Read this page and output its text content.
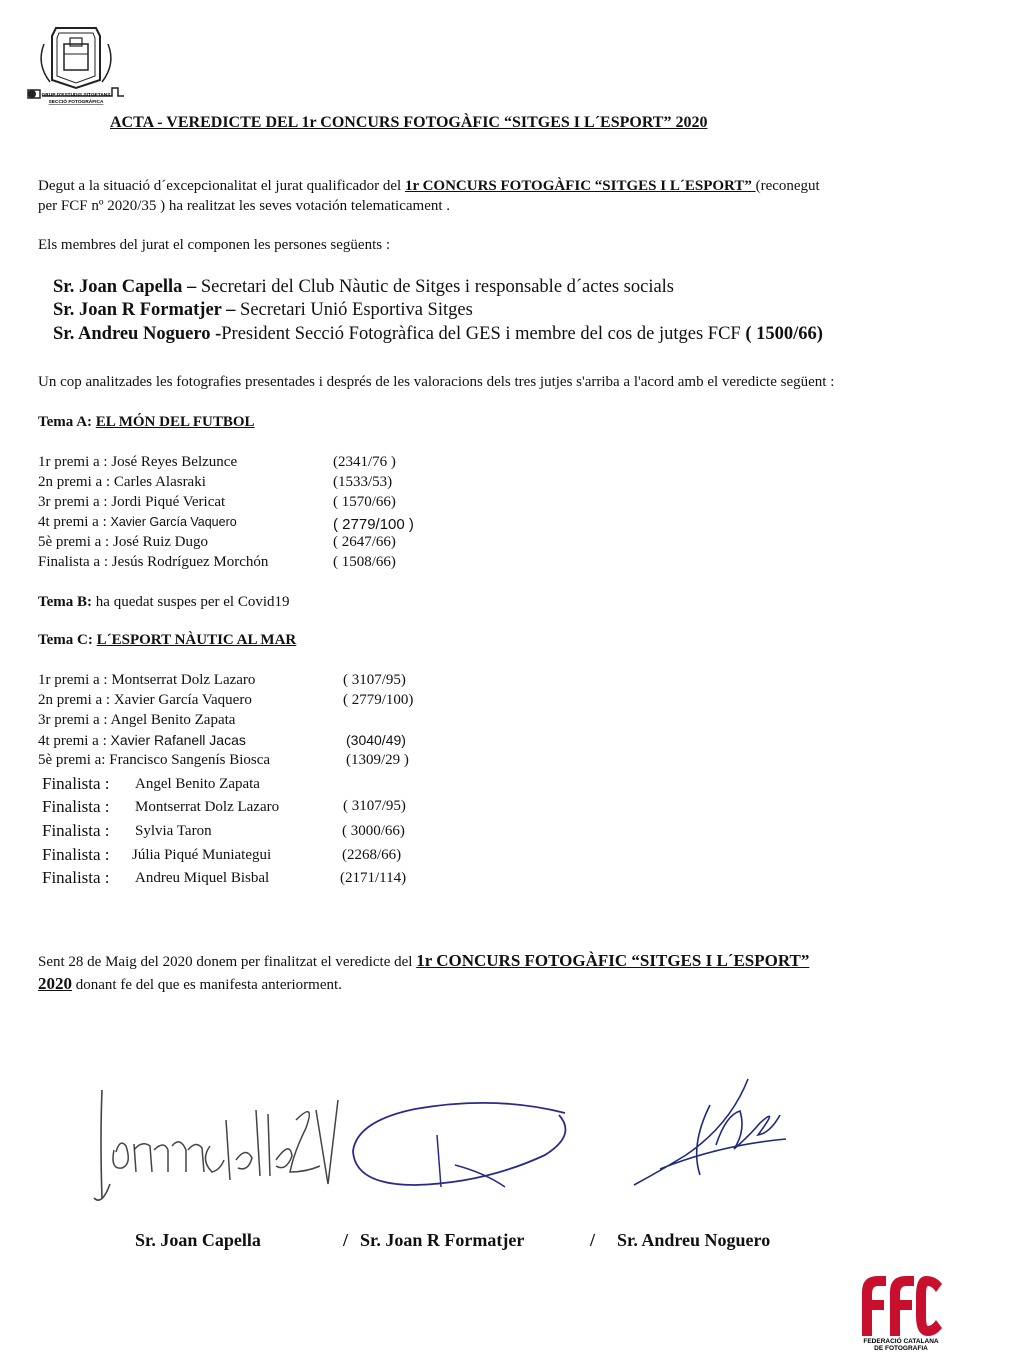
GRUP D'ESTUDIS SITGETANS
SECCIÓ FOTOGRÀFICA
ACTA - VEREDICTE DEL 1r CONCURS FOTOGÀFIC “SITGES I L´ESPORT” 2020
Degut a la situació d´excepcionalitat el jurat qualificador del 1r CONCURS FOTOGÀFIC “SITGES I L´ESPORT” (reconegut
per FCF nº 2020/35 ) ha realitzat les seves votación telematicament .
Els membres del jurat el componen les persones següents :
Sr. Joan Capella – Secretari del Club Nàutic de Sitges i responsable d´actes socials
Sr. Joan R Formatjer – Secretari Unió Esportiva Sitges
Sr. Andreu Noguero -President Secció Fotogràfica del GES i membre del cos de jutges FCF ( 1500/66)
Un cop analitzades les fotografies presentades i després de les valoracions dels tres jutjes s'arriba a l'acord amb el veredicte següent :
Tema A: EL MÓN DEL FUTBOL
1r premi a : José Reyes Belzunce	(2341/76 )
2n premi a : Carles Alasraki	(1533/53)
3r premi a : Jordi Piqué Vericat	( 1570/66)
4t premi a : Xavier García Vaquero	( 2779/100 )
5è premi a : José Ruiz Dugo	( 2647/66)
Finalista a : Jesús Rodríguez Morchón	( 1508/66)
Tema B: ha quedat suspes per el Covid19
Tema C: L´ESPORT NÀUTIC AL MAR
1r premi a : Montserrat Dolz Lazaro	( 3107/95)
2n premi a : Xavier García Vaquero	( 2779/100)
3r premi a : Angel Benito Zapata
4t premi a : Xavier Rafanell Jacas	(3040/49)
5è premi a: Francisco Sangenís Biosca	(1309/29 )
Finalista : Angel Benito Zapata
Finalista : Montserrat Dolz Lazaro	( 3107/95)
Finalista : Sylvia Taron	( 3000/66)
Finalista : Júlia Piqué Muniategui	(2268/66)
Finalista : Andreu Miquel Bisbal	(2171/114)
Sent 28 de Maig del 2020 donem per finalitzat el veredicte del 1r CONCURS FOTOGÀFIC “SITGES I L´ESPORT”
2020 donant fe del que es manifesta anteriorment.
Sr. Joan Capella	/ Sr. Joan R Formatjer	/ Sr. Andreu Noguero
FEDERACIÓ CATALANA
DE FOTOGRAFIA
